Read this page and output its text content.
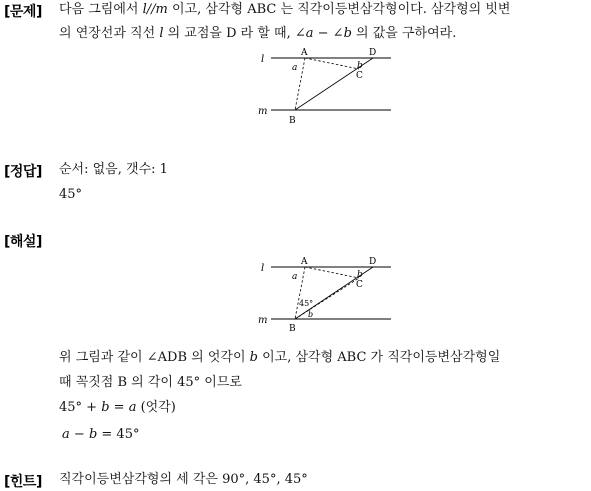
[문제] 다음 그림에서 l//m 이고, 삼각형 ABC 는 직각이등변삼각형이다. 삼각형의 빗변
의 연장선과 직선 l 의 교점을 D 라 할 때, ∠a − ∠b 의 값을 구하여라.
l
m
A	D
a	b
C
B
[정답] 순서: 없음, 갯수: 1
45°
[해설]
l
m
A	D
a	b
C
45°
b
B
위 그림과 같이 ∠ADB 의 엇각이 b 이고, 삼각형 ABC 가 직각이등변삼각형일
때 꼭짓점 B 의 각이 45° 이므로
45° + b = a (엇각)
a − b = 45°
[힌트] 직각이등변삼각형의 세 각은 90°, 45°, 45°
